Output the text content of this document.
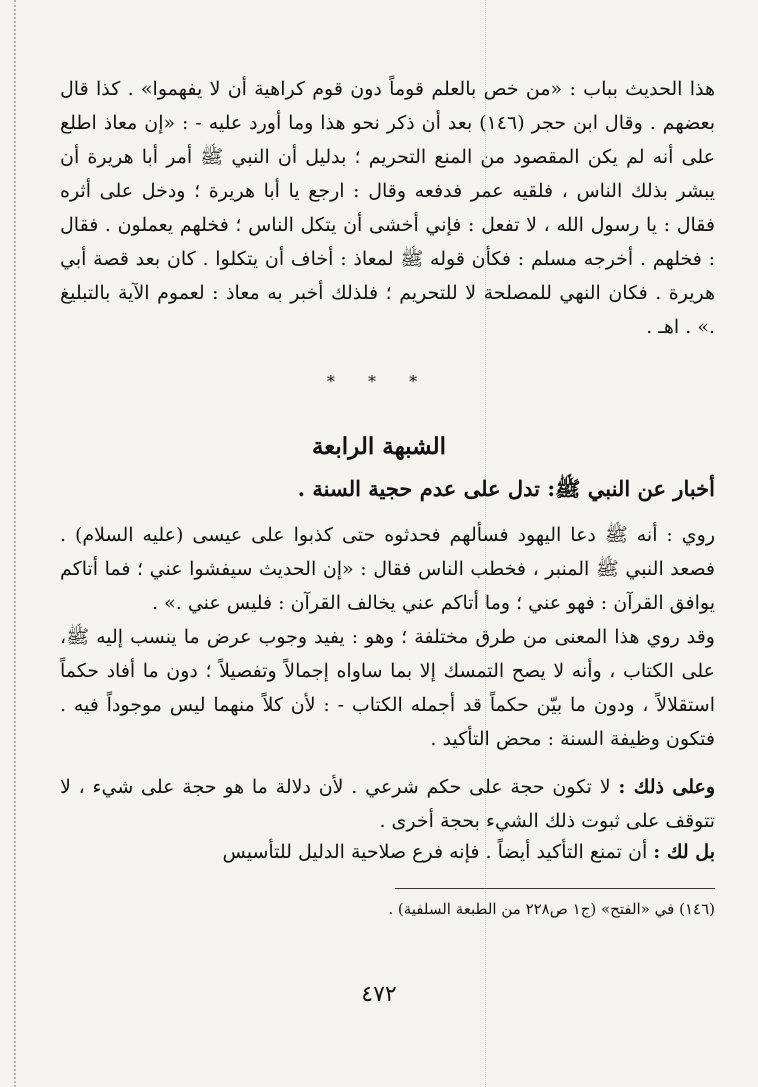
هذا الحديث بباب : «من خص بالعلم قوماً دون قوم كراهية أن لا يفهموا» . كذا قال بعضهم . وقال ابن حجر (١٤٦) بعد أن ذكر نحو هذا وما أورد عليه - : «إن معاذ اطلع على أنه لم يكن المقصود من المنع التحريم ؛ بدليل أن النبي ﷺ أمر أبا هريرة أن يبشر بذلك الناس ، فلقيه عمر فدفعه وقال : ارجع يا أبا هريرة ؛ ودخل على أثره فقال : يا رسول الله ، لا تفعل : فإني أخشى أن يتكل الناس ؛ فخلهم يعملون . فقال : فخلهم . أخرجه مسلم : فكأن قوله ﷺ لمعاذ : أخاف أن يتكلوا . كان بعد قصة أبي هريرة . فكان النهي للمصلحة لا للتحريم ؛ فلذلك أخبر به معاذ : لعموم الآية بالتبليغ .» . اهـ .

* * *
الشبهة الرابعة
أخبار عن النبي ﷺ: تدل على عدم حجية السنة .

روي : أنه ﷺ دعا اليهود فسألهم فحدثوه حتى كذبوا على عيسى (عليه السلام) . فصعد النبي ﷺ المنبر ، فخطب الناس فقال : «إن الحديث سيفشوا عني ؛ فما أتاكم يوافق القرآن : فهو عني ؛ وما أتاكم عني يخالف القرآن : فليس عني .» .

وقد روي هذا المعنى من طرق مختلفة ؛ وهو : يفيد وجوب عرض ما ينسب إليه ﷺ، على الكتاب ، وأنه لا يصح التمسك إلا بما ساواه إجمالاً وتفصيلاً ؛ دون ما أفاد حكماً استقلالاً ، ودون ما بيّن حكماً قد أجمله الكتاب - : لأن كلاً منهما ليس موجوداً فيه . فتكون وظيفة السنة : محض التأكيد .

وعلى ذلك : لا تكون حجة على حكم شرعي . لأن دلالة ما هو حجة على شيء ، لا تتوقف على ثبوت ذلك الشيء بحجة أخرى .

بل لك : أن تمنع التأكيد أيضاً . فإنه فرع صلاحية الدليل للتأسيس

(١٤٦) في «الفتح» (ج١ ص٢٢٨ من الطبعة السلفية) .
٤٧٢
